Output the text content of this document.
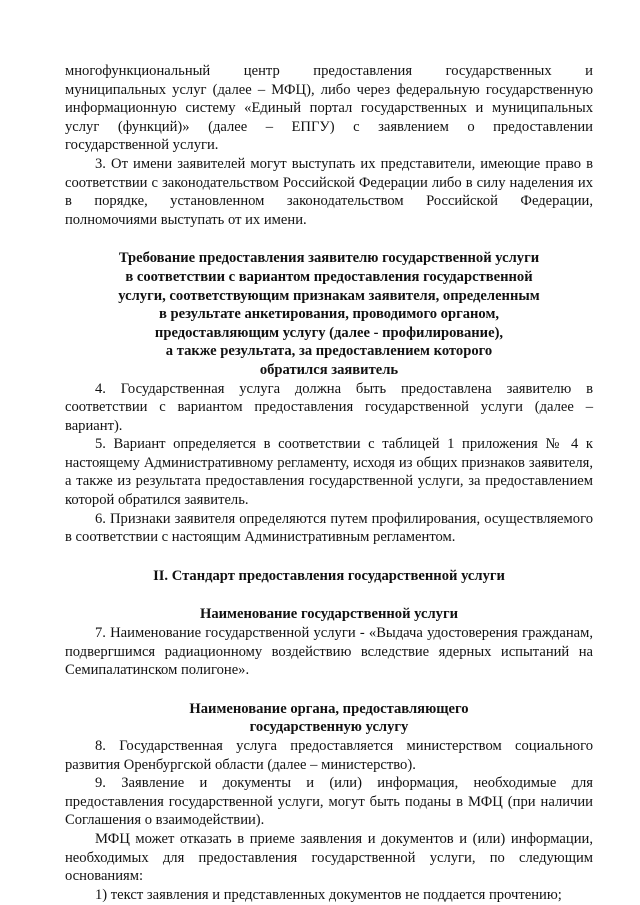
многофункциональный центр предоставления государственных и

муниципальных услуг (далее – МФЦ), либо через федеральную государственную

информационную систему «Единый портал государственных и муниципальных

услуг (функций)» (далее – ЕПГУ) с заявлением о предоставлении

государственной услуги.

3. От имени заявителей могут выступать их представители, имеющие право в соответствии с законодательством Российской Федерации либо в силу наделения их в порядке, установленном законодательством Российской Федерации, полномочиями выступать от их имени.

Требование предоставления заявителю государственной услуги
в соответствии с вариантом предоставления государственной
услуги, соответствующим признакам заявителя, определенным
в результате анкетирования, проводимого органом,
предоставляющим услугу (далее - профилирование),
а также результата, за предоставлением которого
обратился заявитель

4. Государственная услуга должна быть предоставлена заявителю в соответствии с вариантом предоставления государственной услуги (далее – вариант).

5. Вариант определяется в соответствии с таблицей 1 приложения № 4 к настоящему Административному регламенту, исходя из общих признаков заявителя, а также из результата предоставления государственной услуги, за предоставлением которой обратился заявитель.

6. Признаки заявителя определяются путем профилирования, осуществляемого в соответствии с настоящим Административным регламентом.

II. Стандарт предоставления государственной услуги

Наименование государственной услуги

7. Наименование государственной услуги - «Выдача удостоверения гражданам, подвергшимся радиационному воздействию вследствие ядерных испытаний на Семипалатинском полигоне».

Наименование органа, предоставляющего
государственную услугу

8. Государственная услуга предоставляется министерством социального развития Оренбургской области (далее – министерство).

9. Заявление и документы и (или) информация, необходимые для предоставления государственной услуги, могут быть поданы в МФЦ (при наличии Соглашения о взаимодействии).

МФЦ может отказать в приеме заявления и документов и (или) информации, необходимых для предоставления государственной услуги, по следующим основаниям:

1) текст заявления и представленных документов не поддается прочтению;
